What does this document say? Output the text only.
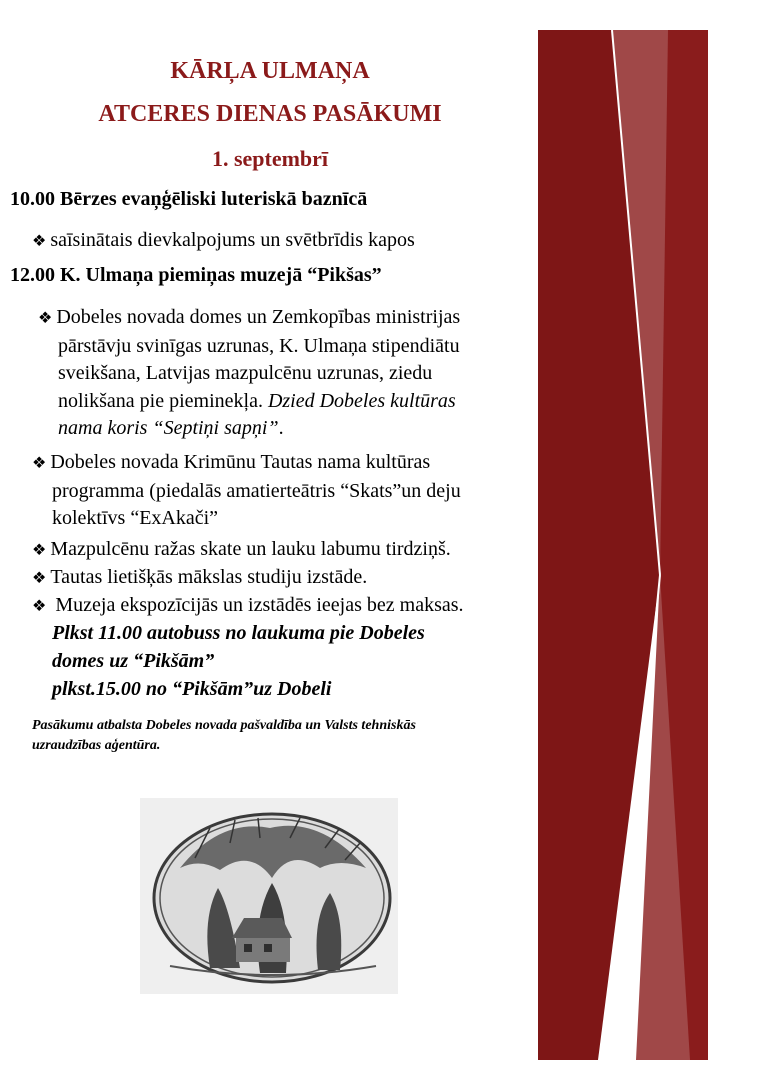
KĀRĻA ULMAŅA
ATCERES DIENAS PASĀKUMI
1. septembrī
10.00 Bērzes evaņģēliski luteriskā baznīcā
❖ saīsinātais dievkalpojums un svētbrīdis kapos
12.00 K. Ulmaņa piemiņas muzejā “Pikšas”
❖ Dobeles novada domes un Zemkopības ministrijas
pārstāvju svinīgas uzrunas, K. Ulmaņa stipendiātu
sveikšana, Latvijas mazpulcēnu uzrunas, ziedu
nolikšana pie pieminekļa. Dzied Dobeles kultūras
nama koris “Septiņi sapņi”.
❖ Dobeles novada Krimūnu Tautas nama kultūras
programma (piedalās amatierteātris “Skats”un deju
kolektīvs “ExAkači”
❖ Mazpulcēnu ražas skate un lauku labumu tirdziņš.
❖ Tautas lietišķās mākslas studiju izstāde.
❖ Muzeja ekspozīcijās un izstādēs ieejas bez maksas.
Plkst 11.00 autobuss no laukuma pie Dobeles
domes uz “Pikšām”
plkst.15.00 no “Pikšām”uz Dobeli
Pasākumu atbalsta Dobeles novada pašvaldība un Valsts tehniskās
uzraudzības aģentūra.
